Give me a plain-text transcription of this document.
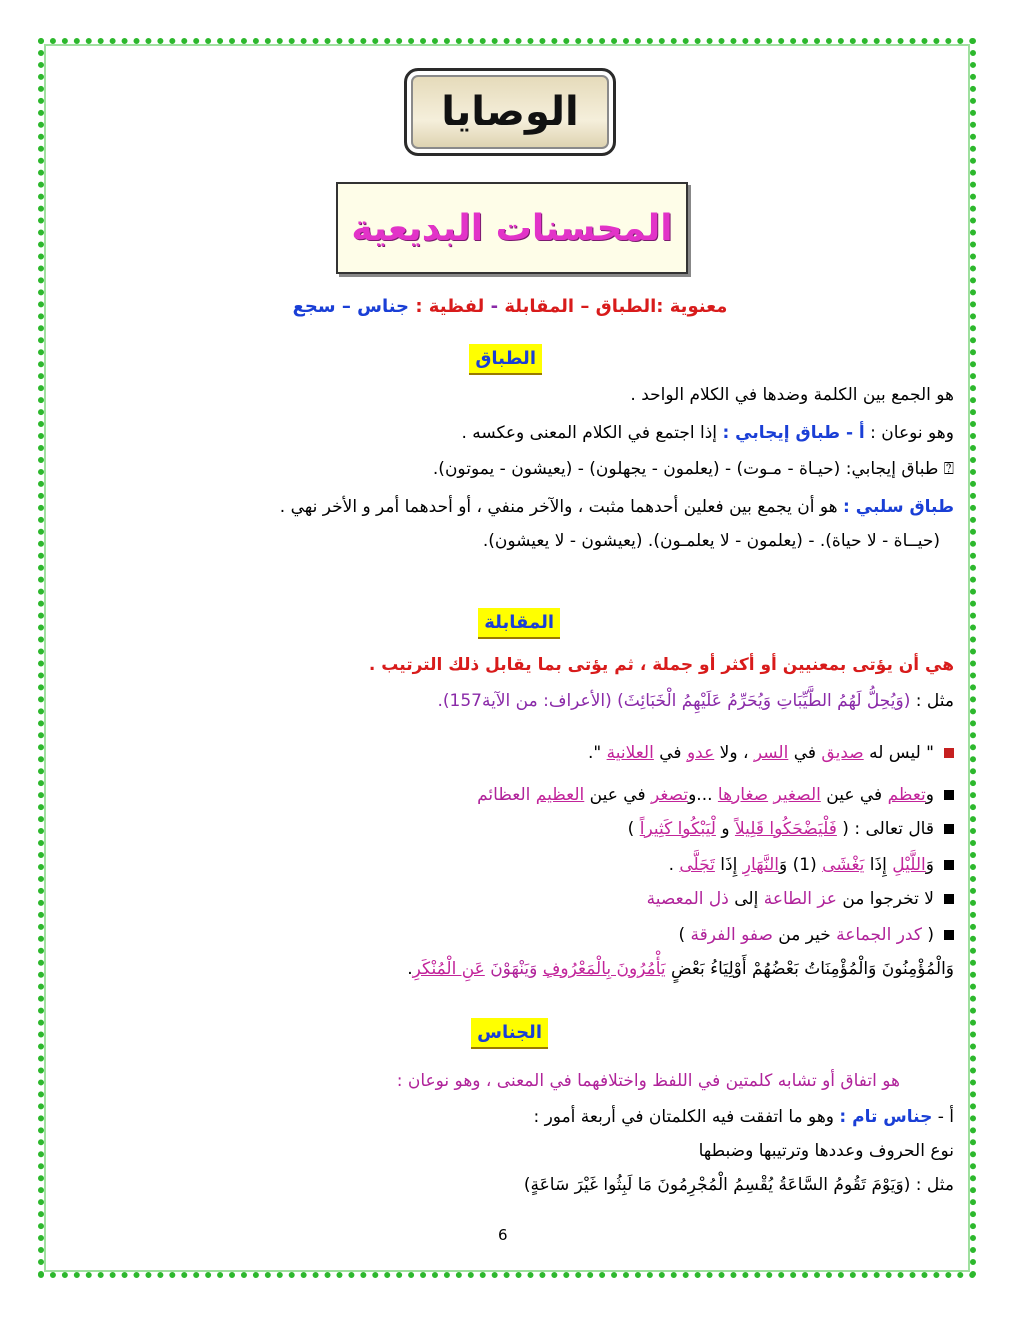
الوصايا
المحسنات البديعية
معنوية :الطباق – المقابلة - لفظية : جناس – سجع
الطباق
هو الجمع بين الكلمة وضدها في الكلام الواحد .
وهو نوعان : أ - طباق إيجابي : إذا اجتمع في الكلام المعنى وعكسه .
⍰ طباق إيجابي: (حيـاة - مـوت) - (يعلمون - يجهلون) - (يعيشون - يموتون).
طباق سلبي : هو أن يجمع بين فعلين أحدهما مثبت ، والآخر منفي ، أو أحدهما أمر و الأخر نهي .
(حيــاة - لا حياة). - (يعلمون - لا يعلمـون). (يعيشون - لا يعيشون).
المقابلة
هي أن يؤتى بمعنيين أو أكثر أو جملة ، ثم يؤتى بما يقابل ذلك الترتيب .
مثل : (وَيُحِلُّ لَهُمُ الطَّيِّبَاتِ وَيُحَرِّمُ عَلَيْهِمُ الْخَبَائِثَ) (الأعراف: من الآية157).
" ليس له صديق في السر ، ولا عدو في العلانية ".
وتعظم في عين الصغير صغارها ...وتصغر في عين العظيم العظائم
قال تعالى : ( فَلْيَضْحَكُوا قَلِيلاً و لْيَبْكُوا كَثِيراً )
وَاللَّيْلِ إِذَا يَغْشَى (1) وَالنَّهَارِ إِذَا تَجَلَّى .
لا تخرجوا من عز الطاعة إلى ذل المعصية
( كدر الجماعة خير من صفو الفرقة )
وَالْمُؤْمِنُونَ وَالْمُؤْمِنَاتُ بَعْضُهُمْ أَوْلِيَاءُ بَعْضٍ يَأْمُرُونَ بِالْمَعْرُوفِ وَيَنْهَوْنَ عَنِ الْمُنْكَرِ.
الجناس
هو اتفاق أو تشابه كلمتين في اللفظ واختلافهما في المعنى ، وهو نوعان :
أ - جناس تام : وهو ما اتفقت فيه الكلمتان في أربعة أمور :
نوع الحروف وعددها وترتيبها وضبطها
مثل : (وَيَوْمَ تَقُومُ السَّاعَةُ يُقْسِمُ الْمُجْرِمُونَ مَا لَبِثُوا غَيْرَ سَاعَةٍ)
6
